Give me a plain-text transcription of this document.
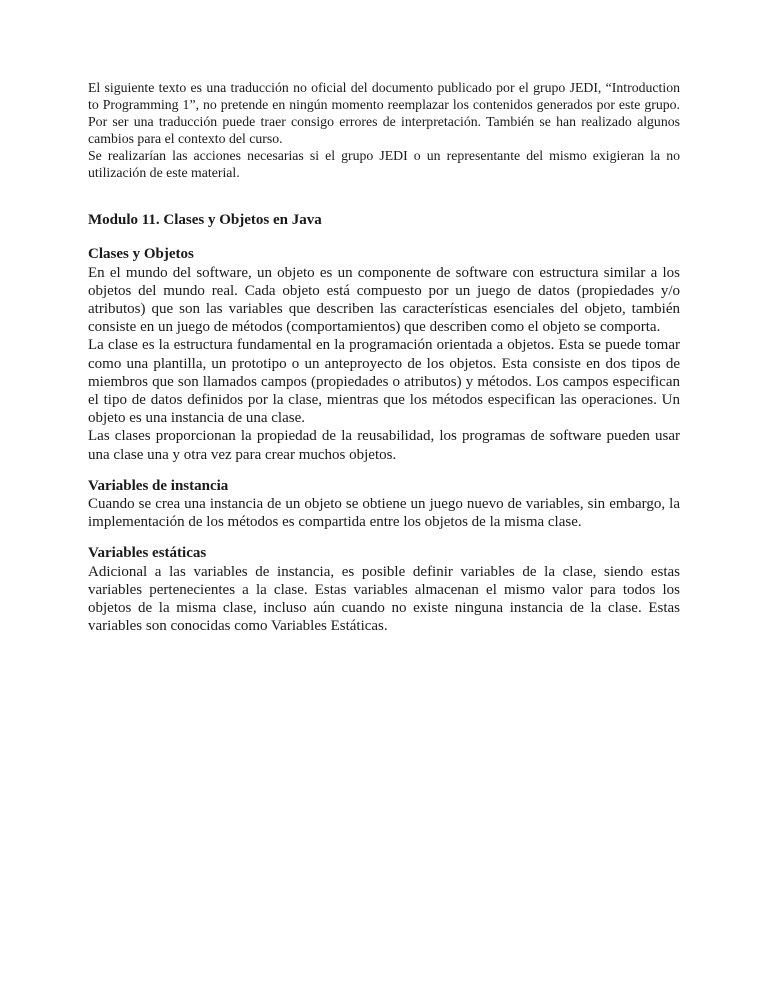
El siguiente texto es una traducción no oficial del documento publicado por el grupo JEDI, “Introduction to Programming 1”, no pretende en ningún momento reemplazar los contenidos generados por este grupo. Por ser una traducción puede traer consigo errores de interpretación. También se han realizado algunos cambios para el contexto del curso.

Se realizarían las acciones necesarias si el grupo JEDI o un representante del mismo exigieran la no utilización de este material.

Modulo 11. Clases y Objetos en Java
Clases y Objetos

En el mundo del software, un objeto es un componente de software con estructura similar a los objetos del mundo real. Cada objeto está compuesto por un juego de datos (propiedades y/o atributos) que son las variables que describen las características esenciales del objeto, también consiste en un juego de métodos (comportamientos) que describen como el objeto se comporta.

La clase es la estructura fundamental en la programación orientada a objetos. Esta se puede tomar como una plantilla, un prototipo o un anteproyecto de los objetos. Esta consiste en dos tipos de miembros que son llamados campos (propiedades o atributos) y métodos. Los campos especifican el tipo de datos definidos por la clase, mientras que los métodos especifican las operaciones. Un objeto es una instancia de una clase.

Las clases proporcionan la propiedad de la reusabilidad, los programas de software pueden usar una clase una y otra vez para crear muchos objetos.

Variables de instancia

Cuando se crea una instancia de un objeto se obtiene un juego nuevo de variables, sin embargo, la implementación de los métodos es compartida entre los objetos de la misma clase.

Variables estáticas

Adicional a las variables de instancia, es posible definir variables de la clase, siendo estas variables pertenecientes a la clase. Estas variables almacenan el mismo valor para todos los objetos de la misma clase, incluso aún cuando no existe ninguna instancia de la clase. Estas variables son conocidas como Variables Estáticas.
